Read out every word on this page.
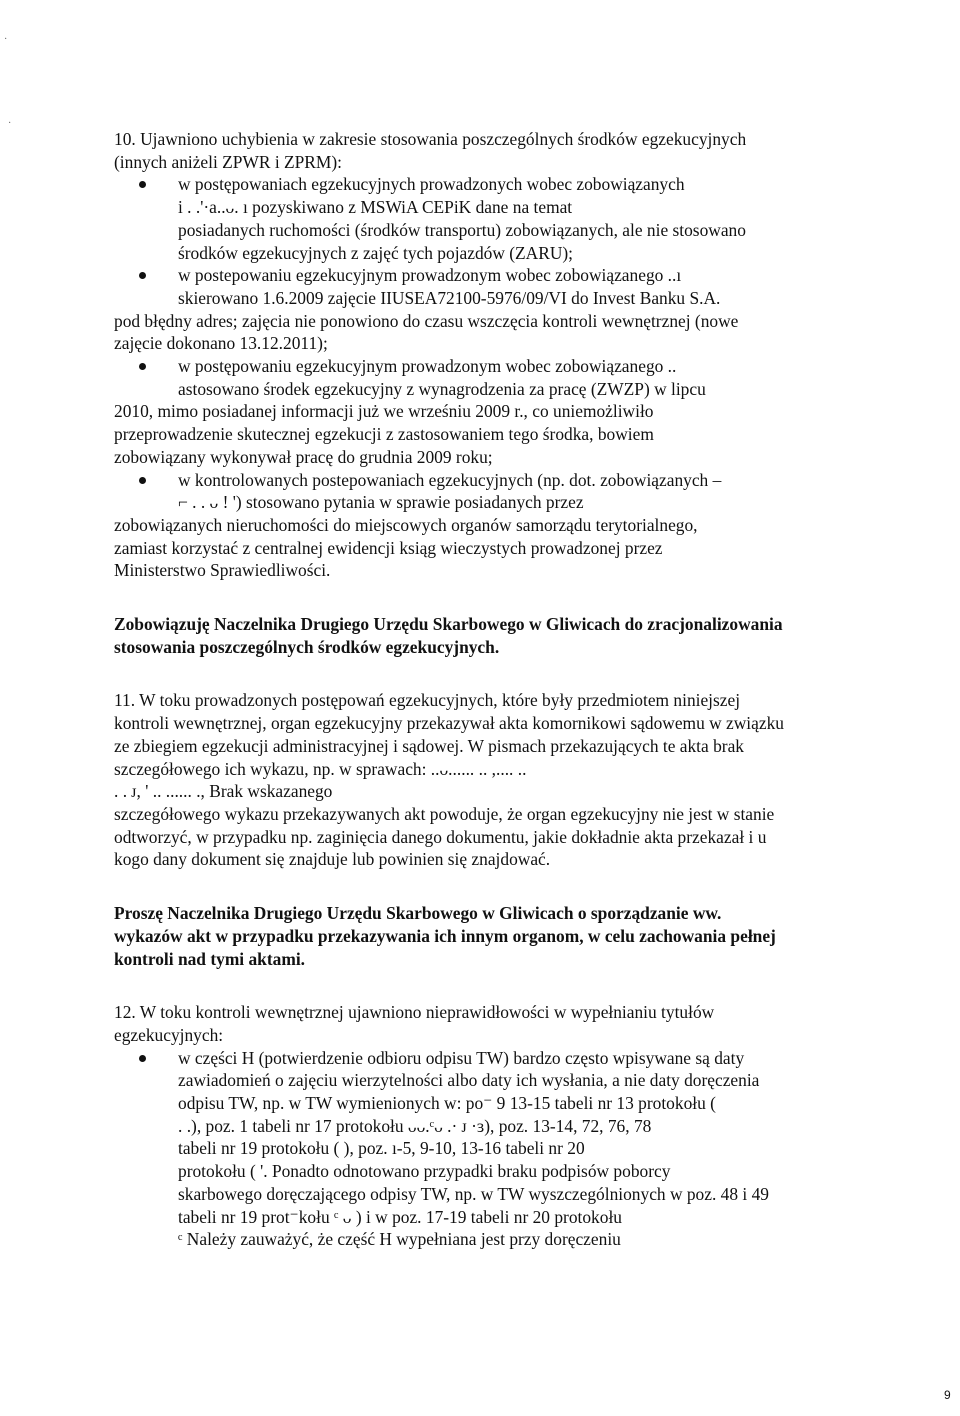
·
·

10. Ujawniono uchybienia w zakresie stosowania poszczególnych środków egzekucyjnych

(innych aniżeli ZPWR i ZPRM):

w postępowaniach egzekucyjnych prowadzonych wobec zobowiązanych
i . .'·a..ᴗ. ı pozyskiwano z MSWiA CEPiK dane na temat
posiadanych ruchomości (środków transportu) zobowiązanych, ale nie stosowano
środków egzekucyjnych z zajęć tych pojazdów (ZARU);
w postepowaniu egzekucyjnym prowadzonym wobec zobowiązanego ..ı
skierowano 1.6.2009 zajęcie IIUSEA72100-5976/09/VI do Invest Banku S.A.
pod błędny adres; zajęcia nie ponowiono do czasu wszczęcia kontroli wewnętrznej (nowe
zajęcie dokonano 13.12.2011);
w postępowaniu egzekucyjnym prowadzonym wobec zobowiązanego ..
astosowano środek egzekucyjny z wynagrodzenia za pracę (ZWZP) w lipcu
2010, mimo posiadanej informacji już we wrześniu 2009 r., co uniemożliwiło
przeprowadzenie skutecznej egzekucji z zastosowaniem tego środka, bowiem
zobowiązany wykonywał pracę do grudnia 2009 roku;
w kontrolowanych postepowaniach egzekucyjnych (np. dot. zobowiązanych –
⌐ . . ᴗ ! ') stosowano pytania w sprawie posiadanych przez
zobowiązanych nieruchomości do miejscowych organów samorządu terytorialnego,
zamiast korzystać z centralnej ewidencji ksiąg wieczystych prowadzonej przez
Ministerstwo Sprawiedliwości.

Zobowiązuję Naczelnika Drugiego Urzędu Skarbowego w Gliwicach do zracjonalizowania

stosowania poszczególnych środków egzekucyjnych.

11. W toku prowadzonych postępowań egzekucyjnych, które były przedmiotem niniejszej

kontroli wewnętrznej, organ egzekucyjny przekazywał akta komornikowi sądowemu w związku

ze zbiegiem egzekucji administracyjnej i sądowej. W pismach przekazujących te akta brak

szczegółowego ich wykazu, np. w sprawach: ..ᴗ...... .. ,.... ..

. . ᴊ, ' .. ...... ., Brak wskazanego

szczegółowego wykazu przekazywanych akt powoduje, że organ egzekucyjny nie jest w stanie

odtworzyć, w przypadku np. zaginięcia danego dokumentu, jakie dokładnie akta przekazał i u

kogo dany dokument się znajduje lub powinien się znajdować.

Proszę Naczelnika Drugiego Urzędu Skarbowego w Gliwicach o sporządzanie ww.

wykazów akt w przypadku przekazywania ich innym organom, w celu zachowania pełnej

kontroli nad tymi aktami.

12. W toku kontroli wewnętrznej ujawniono nieprawidłowości w wypełnianiu tytułów

egzekucyjnych:

w części H (potwierdzenie odbioru odpisu TW) bardzo często wpisywane są daty
zawiadomień o zajęciu wierzytelności albo daty ich wysłania, a nie daty doręczenia
odpisu TW, np. w TW wymienionych w: po⁻ 9 13-15 tabeli nr 13 protokołu (
. .), poz. 1 tabeli nr 17 protokołu ᴗᴗ.ᶜᴗ .· ᴊ ·ɜ), poz. 13-14, 72, 76, 78
tabeli nr 19 protokołu ( ), poz. ı-5, 9-10, 13-16 tabeli nr 20
protokołu ( '. Ponadto odnotowano przypadki braku podpisów poborcy
skarbowego doręczającego odpisy TW, np. w TW wyszczególnionych w poz. 48 i 49
tabeli nr 19 prot⁻kołu ᶜ ᴗ ) i w poz. 17-19 tabeli nr 20 protokołu
ᶜ Należy zauważyć, że część H wypełniana jest przy doręczeniu
9
